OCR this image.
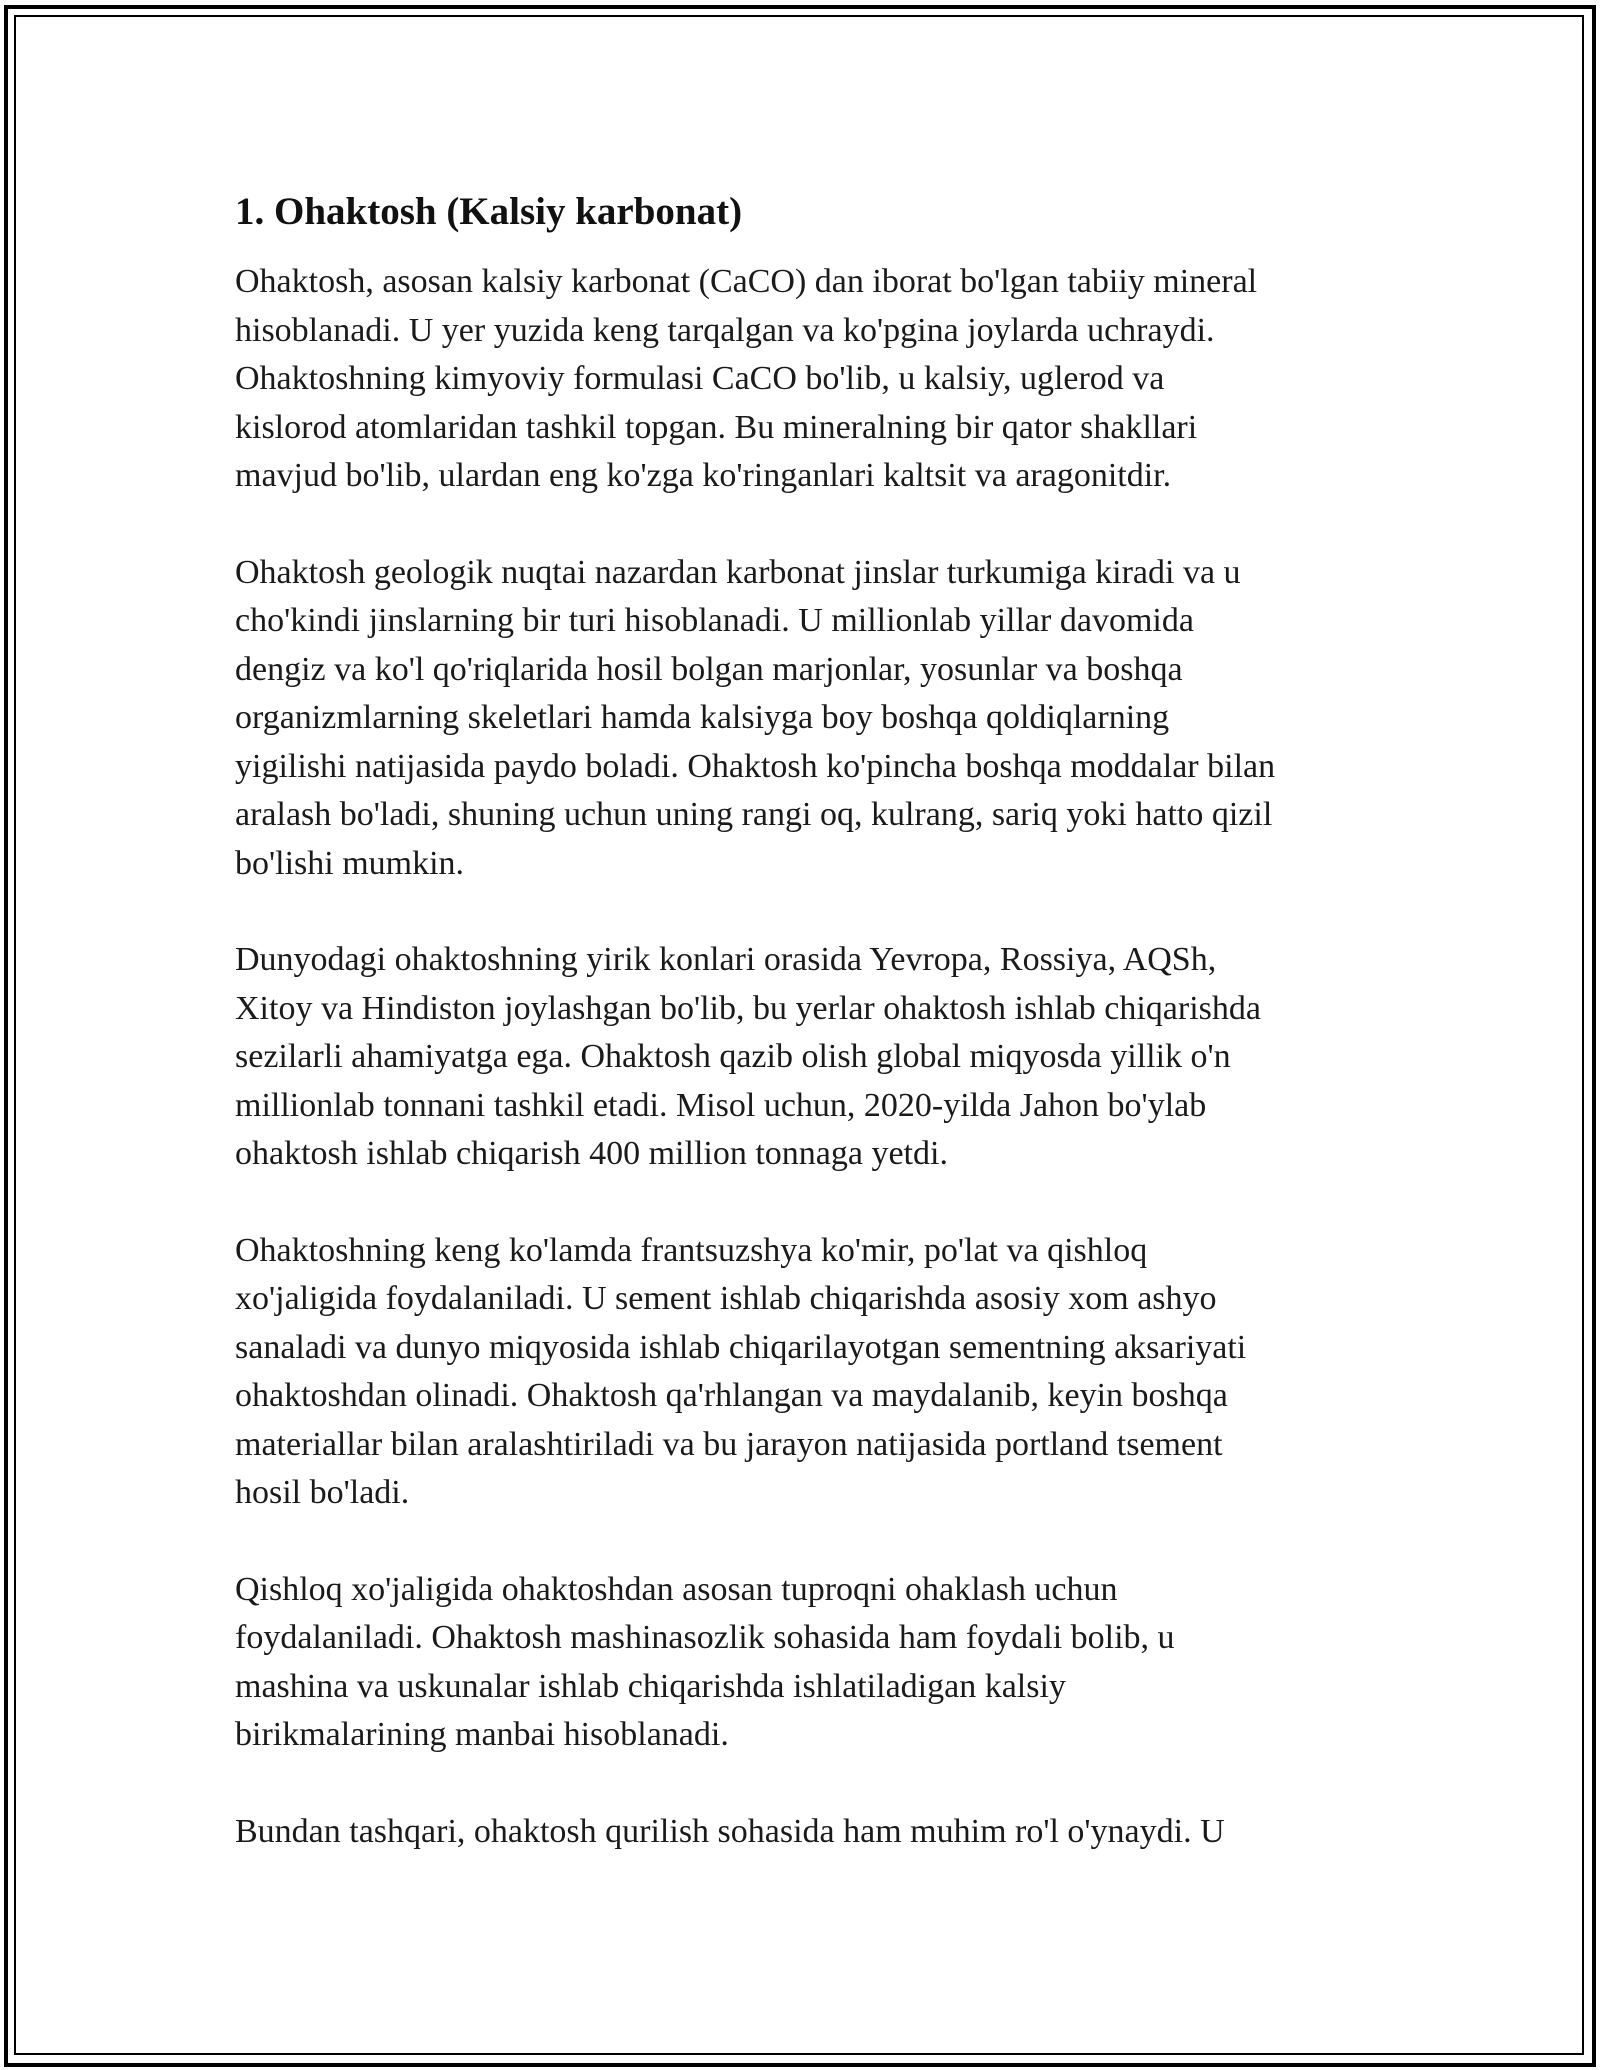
1. Ohaktosh (Kalsiy karbonat)

Ohaktosh, asosan kalsiy karbonat (CaCO) dan iborat bo'lgan tabiiy mineral
hisoblanadi. U yer yuzida keng tarqalgan va ko'pgina joylarda uchraydi.
Ohaktoshning kimyoviy formulasi CaCO bo'lib, u kalsiy, uglerod va
kislorod atomlaridan tashkil topgan. Bu mineralning bir qator shakllari
mavjud bo'lib, ulardan eng ko'zga ko'ringanlari kaltsit va aragonitdir.

Ohaktosh geologik nuqtai nazardan karbonat jinslar turkumiga kiradi va u
cho'kindi jinslarning bir turi hisoblanadi. U millionlab yillar davomida
dengiz va ko'l qo'riqlarida hosil bolgan marjonlar, yosunlar va boshqa
organizmlarning skeletlari hamda kalsiyga boy boshqa qoldiqlarning
yigilishi natijasida paydo boladi. Ohaktosh ko'pincha boshqa moddalar bilan
aralash bo'ladi, shuning uchun uning rangi oq, kulrang, sariq yoki hatto qizil
bo'lishi mumkin.

Dunyodagi ohaktoshning yirik konlari orasida Yevropa, Rossiya, AQSh,
Xitoy va Hindiston joylashgan bo'lib, bu yerlar ohaktosh ishlab chiqarishda
sezilarli ahamiyatga ega. Ohaktosh qazib olish global miqyosda yillik o'n
millionlab tonnani tashkil etadi. Misol uchun, 2020-yilda Jahon bo'ylab
ohaktosh ishlab chiqarish 400 million tonnaga yetdi.

Ohaktoshning keng ko'lamda frantsuzshya ko'mir, po'lat va qishloq
xo'jaligida foydalaniladi. U sement ishlab chiqarishda asosiy xom ashyo
sanaladi va dunyo miqyosida ishlab chiqarilayotgan sementning aksariyati
ohaktoshdan olinadi. Ohaktosh qa'rhlangan va maydalanib, keyin boshqa
materiallar bilan aralashtiriladi va bu jarayon natijasida portland tsement
hosil bo'ladi.

Qishloq xo'jaligida ohaktoshdan asosan tuproqni ohaklash uchun
foydalaniladi. Ohaktosh mashinasozlik sohasida ham foydali bolib, u
mashina va uskunalar ishlab chiqarishda ishlatiladigan kalsiy
birikmalarining manbai hisoblanadi.

Bundan tashqari, ohaktosh qurilish sohasida ham muhim ro'l o'ynaydi. U
